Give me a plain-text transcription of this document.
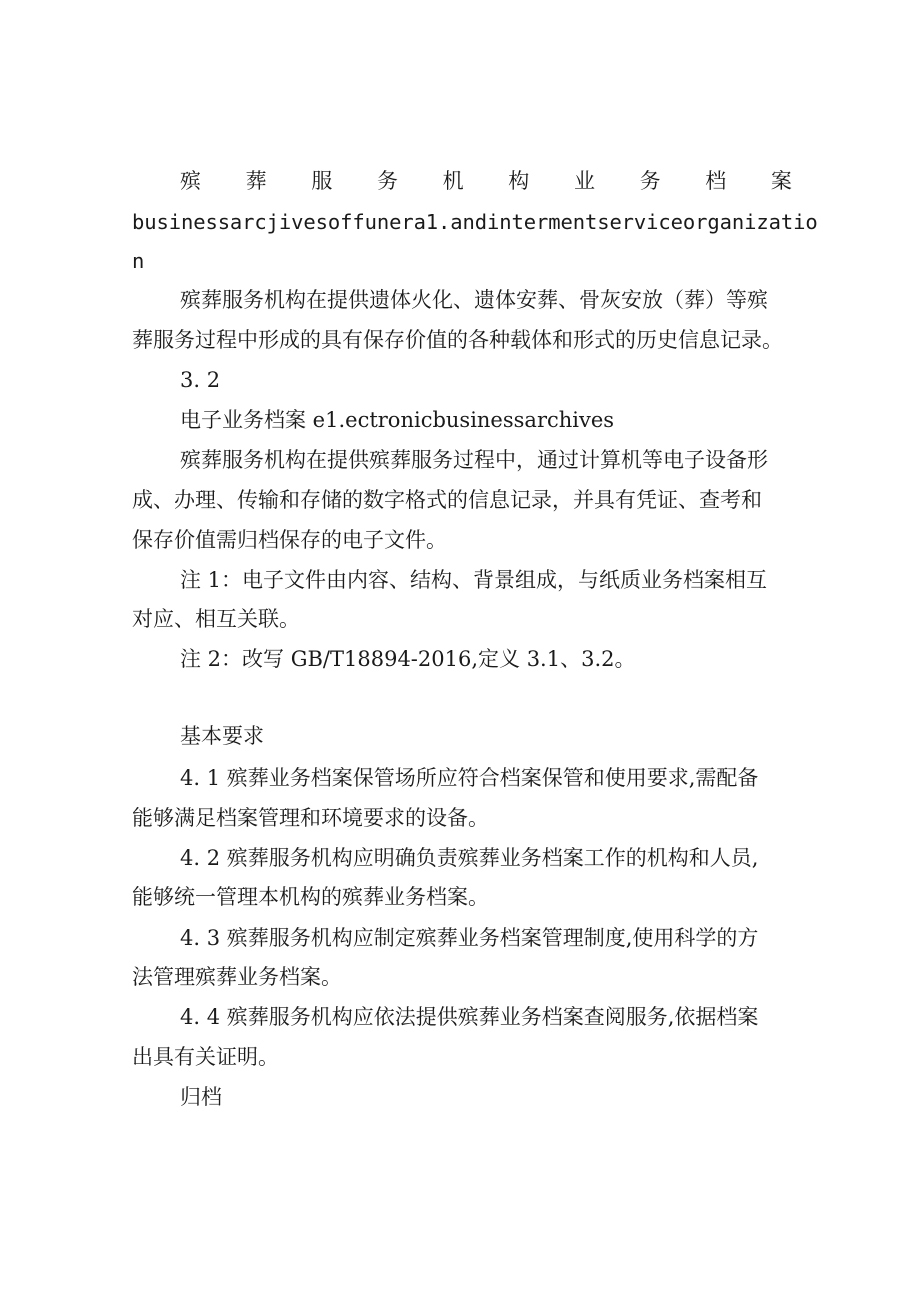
殡 葬 服 务 机 构 业 务 档 案
businessarcjivesoffunera1.andintermentserviceorganizatio
n
殡葬服务机构在提供遗体火化、遗体安葬、骨灰安放（葬）等殡
葬服务过程中形成的具有保存价值的各种载体和形式的历史信息记录。
3. 2
电子业务档案 e1.ectronicbusinessarchives
殡葬服务机构在提供殡葬服务过程中，通过计算机等电子设备形
成、办理、传输和存储的数字格式的信息记录，并具有凭证、查考和
保存价值需归档保存的电子文件。
注 1：电子文件由内容、结构、背景组成，与纸质业务档案相互
对应、相互关联。
注 2：改写 GB/T18894-2016,定义 3.1、3.2。
基本要求
4. 1 殡葬业务档案保管场所应符合档案保管和使用要求,需配备
能够满足档案管理和环境要求的设备。
4. 2 殡葬服务机构应明确负责殡葬业务档案工作的机构和人员,
能够统一管理本机构的殡葬业务档案。
4. 3 殡葬服务机构应制定殡葬业务档案管理制度,使用科学的方
法管理殡葬业务档案。
4. 4 殡葬服务机构应依法提供殡葬业务档案查阅服务,依据档案
出具有关证明。
归档
